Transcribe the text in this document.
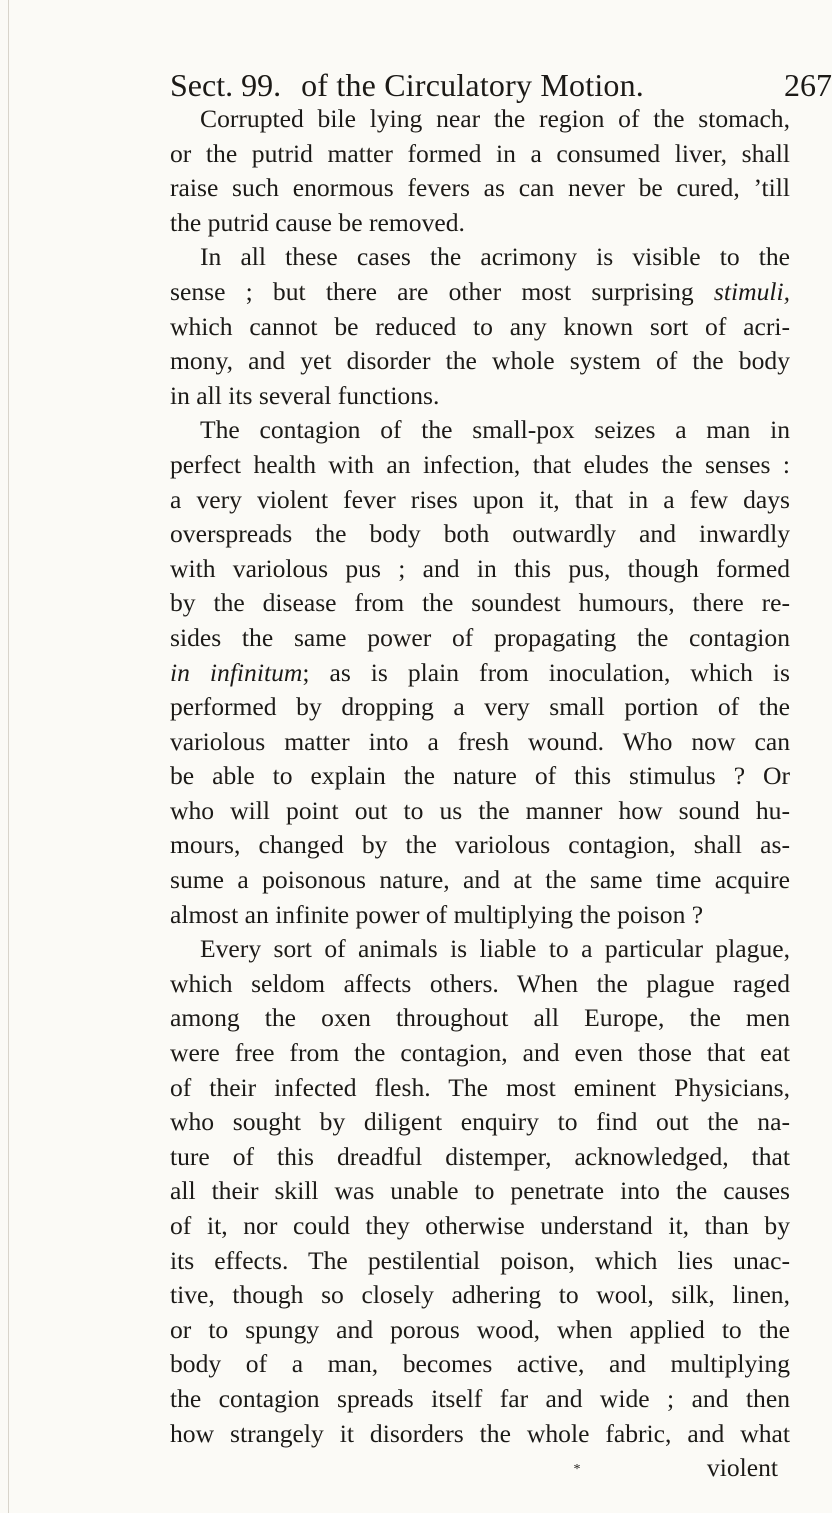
Sect. 99. of the Circulatory Motion.	267
Corrupted bile lying near the region of the stomach,
or the putrid matter formed in a consumed liver, shall
raise such enormous fevers as can never be cured, ’till
the putrid cause be removed.
In all these cases the acrimony is visible to the
sense ; but there are other most surprising stimuli,
which cannot be reduced to any known sort of acri-
mony, and yet disorder the whole system of the body
in all its several functions.
The contagion of the small-pox seizes a man in
perfect health with an infection, that eludes the senses :
a very violent fever rises upon it, that in a few days
overspreads the body both outwardly and inwardly
with variolous pus ; and in this pus, though formed
by the disease from the soundest humours, there re-
sides the same power of propagating the contagion
in infinitum; as is plain from inoculation, which is
performed by dropping a very small portion of the
variolous matter into a fresh wound. Who now can
be able to explain the nature of this stimulus ? Or
who will point out to us the manner how sound hu-
mours, changed by the variolous contagion, shall as-
sume a poisonous nature, and at the same time acquire
almost an infinite power of multiplying the poison ?
Every sort of animals is liable to a particular plague,
which seldom affects others. When the plague raged
among the oxen throughout all Europe, the men
were free from the contagion, and even those that eat
of their infected flesh. The most eminent Physicians,
who sought by diligent enquiry to find out the na-
ture of this dreadful distemper, acknowledged, that
all their skill was unable to penetrate into the causes
of it, nor could they otherwise understand it, than by
its effects. The pestilential poison, which lies unac-
tive, though so closely adhering to wool, silk, linen,
or to spungy and porous wood, when applied to the
body of a man, becomes active, and multiplying
the contagion spreads itself far and wide ; and then
how strangely it disorders the whole fabric, and what
*	violent
